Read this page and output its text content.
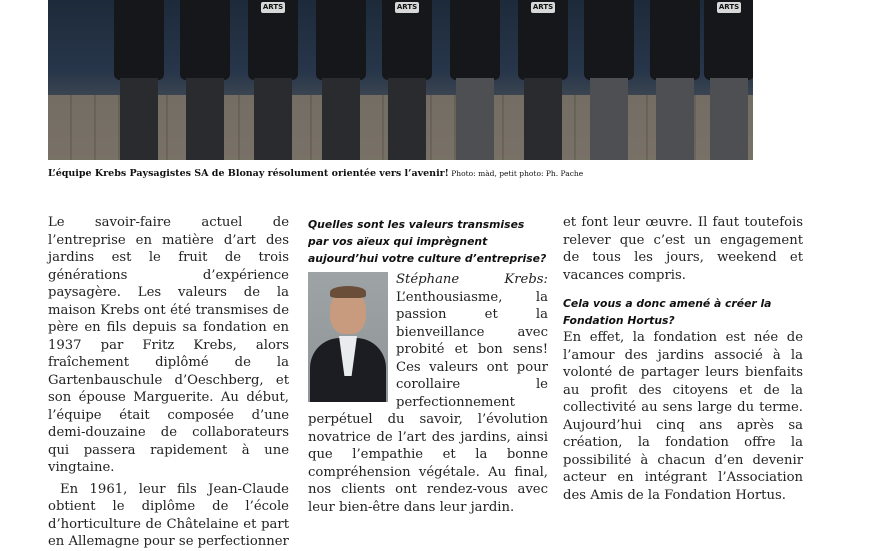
ARTS	ARTS	ARTS	ARTS
L’équipe Krebs Paysagistes SA de Blonay résolument orientée vers l’avenir! Photo: màd, petit photo: Ph. Pache

Le savoir-faire actuel de l’entreprise en matière d’art des jardins est le fruit de trois générations d’expérience paysagère. Les valeurs de la maison Krebs ont été transmises de père en fils depuis sa fondation en 1937 par Fritz Krebs, alors fraîchement diplômé de la Gartenbauschule d’Oeschberg, et son épouse Marguerite. Au début, l’équipe était composée d’une demi-douzaine de collaborateurs qui passera rapidement à une vingtaine.

En 1961, leur fils Jean-Claude obtient le diplôme de l’école d’horticulture de Châtelaine et part en Allemagne pour se perfectionner

Quelles sont les valeurs transmises par vos aïeux qui imprègnent aujourd’hui votre culture d’entreprise?

Stéphane Krebs: L’enthousiasme, la passion et la bienveillance avec probité et bon sens! Ces valeurs ont pour corollaire le perfectionnement perpétuel du savoir, l’évolution novatrice de l’art des jardins, ainsi que l’empathie et la bonne compréhension végétale. Au final, nos clients ont rendez-vous avec leur bien-être dans leur jardin.

et font leur œuvre. Il faut toutefois relever que c’est un engagement de tous les jours, weekend et vacances compris.

Cela vous a donc amené à créer la Fondation Hortus?

En effet, la fondation est née de l’amour des jardins associé à la volonté de partager leurs bienfaits au profit des citoyens et de la collectivité au sens large du terme. Aujourd’hui cinq ans après sa création, la fondation offre la possibilité à chacun d’en devenir acteur en intégrant l’Association des Amis de la Fondation Hortus.
